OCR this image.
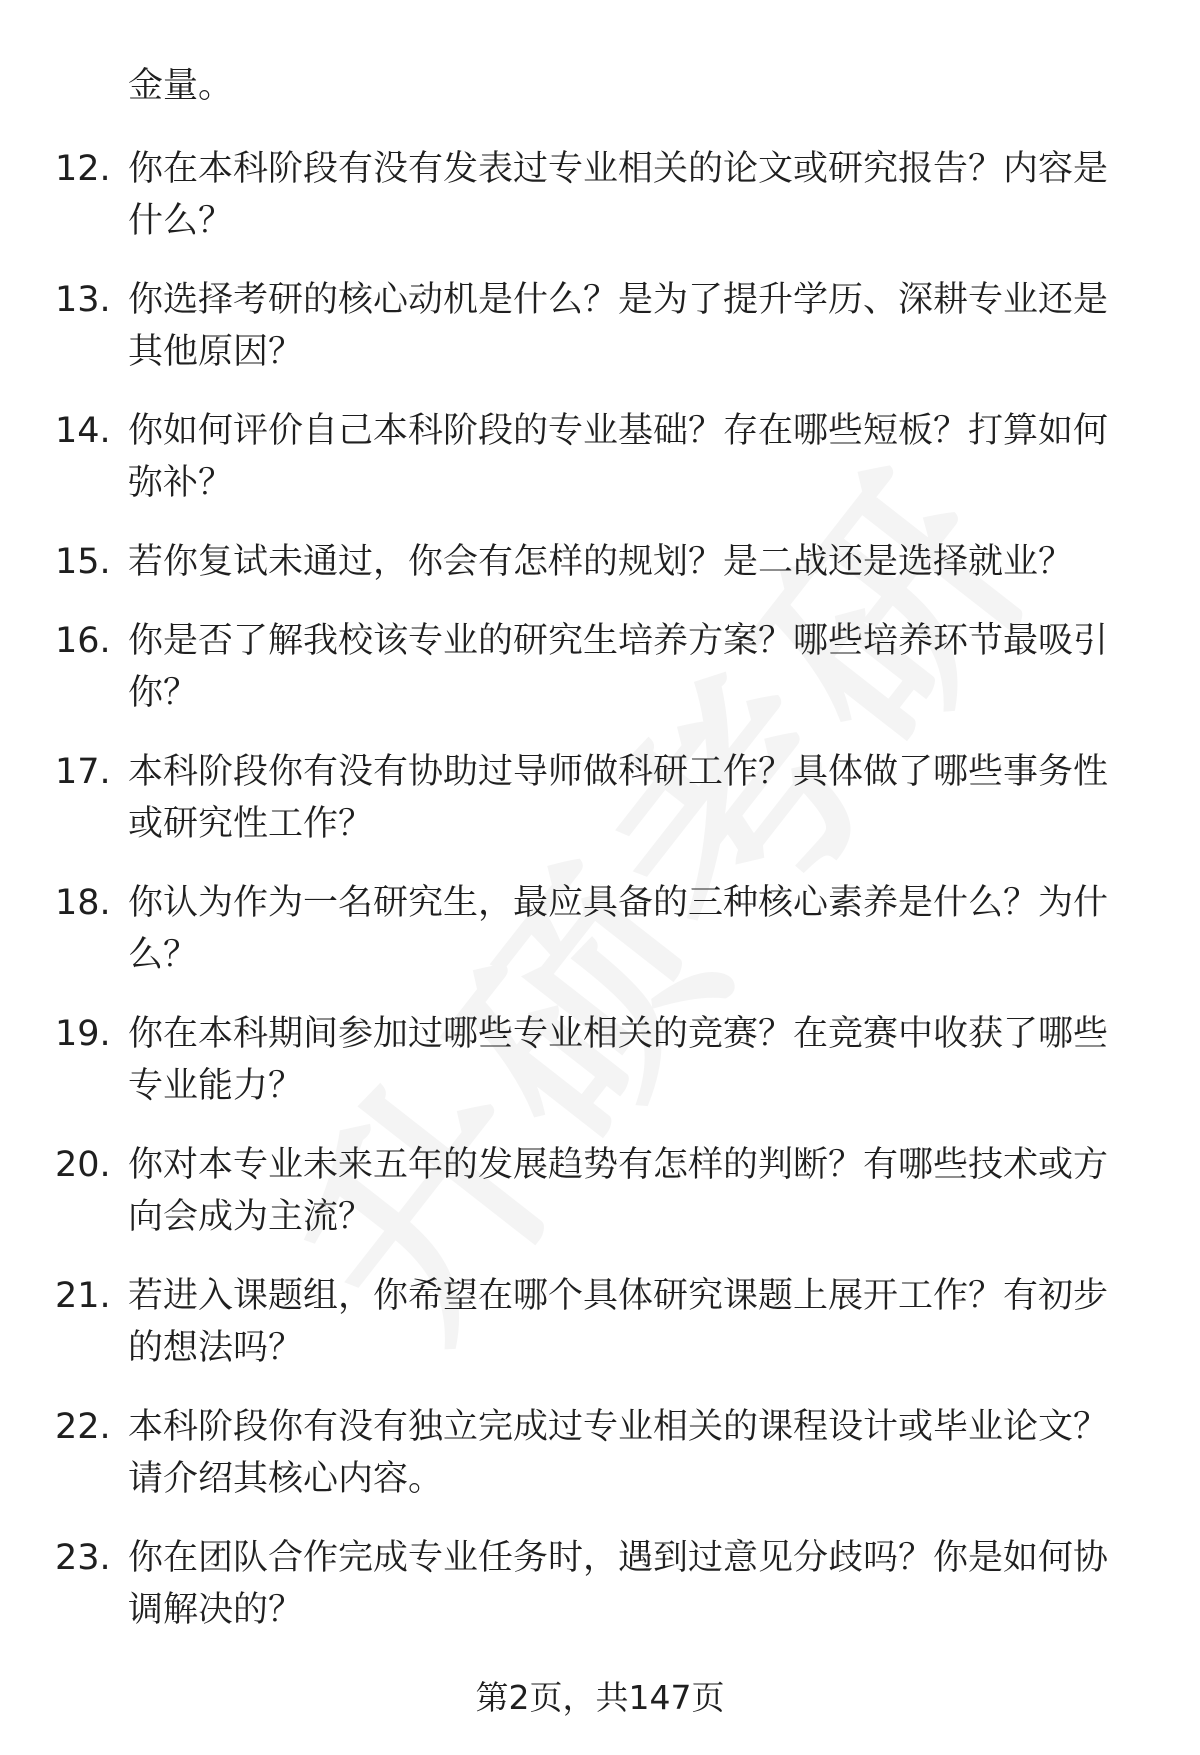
金量。
12. 你在本科阶段有没有发表过专业相关的论文或研究报告？内容是什么？
13. 你选择考研的核心动机是什么？是为了提升学历、深耕专业还是其他原因？
14. 你如何评价自己本科阶段的专业基础？存在哪些短板？打算如何弥补？
15. 若你复试未通过，你会有怎样的规划？是二战还是选择就业？
16. 你是否了解我校该专业的研究生培养方案？哪些培养环节最吸引你？
17. 本科阶段你有没有协助过导师做科研工作？具体做了哪些事务性或研究性工作？
18. 你认为作为一名研究生，最应具备的三种核心素养是什么？为什么？
19. 你在本科期间参加过哪些专业相关的竞赛？在竞赛中收获了哪些专业能力？
20. 你对本专业未来五年的发展趋势有怎样的判断？有哪些技术或方向会成为主流？
21. 若进入课题组，你希望在哪个具体研究课题上展开工作？有初步的想法吗？
22. 本科阶段你有没有独立完成过专业相关的课程设计或毕业论文？请介绍其核心内容。
23. 你在团队合作完成专业任务时，遇到过意见分歧吗？你是如何协调解决的？
第2页，共147页
